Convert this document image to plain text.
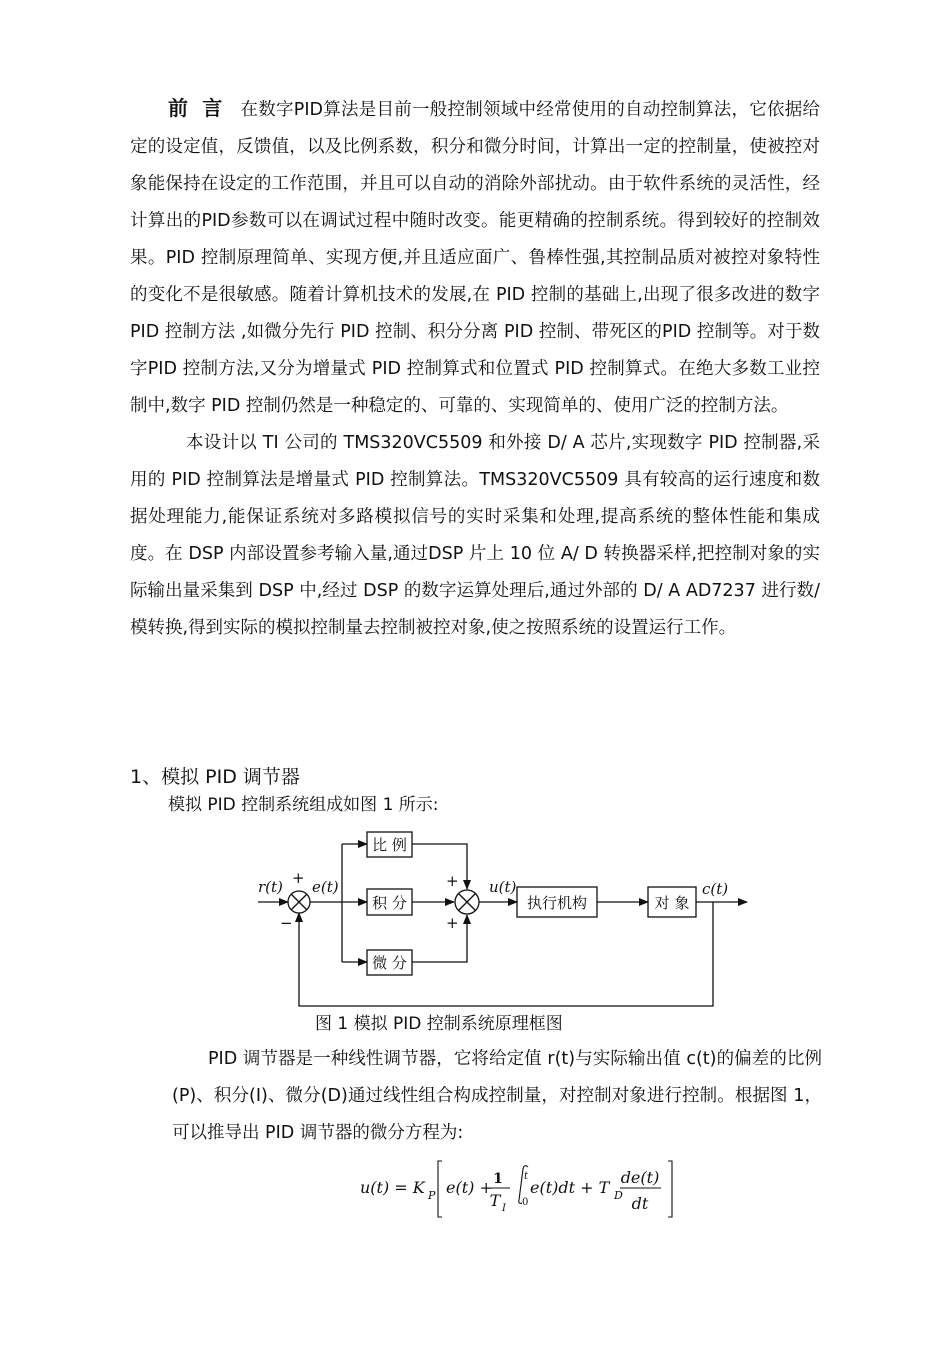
前言 在数字PID算法是目前一般控制领域中经常使用的自动控制算法，它依据给定的设定值，反馈值，以及比例系数，积分和微分时间，计算出一定的控制量，使被控对象能保持在设定的工作范围，并且可以自动的消除外部扰动。由于软件系统的灵活性，经计算出的PID参数可以在调试过程中随时改变。能更精确的控制系统。得到较好的控制效果。PID 控制原理简单、实现方便,并且适应面广、鲁棒性强,其控制品质对被控对象特性的变化不是很敏感。随着计算机技术的发展,在 PID 控制的基础上,出现了很多改进的数字 PID 控制方法 ,如微分先行 PID 控制、积分分离 PID 控制、带死区的PID 控制等。对于数字PID 控制方法,又分为增量式 PID 控制算式和位置式 PID 控制算式。在绝大多数工业控制中,数字 PID 控制仍然是一种稳定的、可靠的、实现简单的、使用广泛的控制方法。

本设计以 TI 公司的 TMS320VC5509 和外接 D/ A 芯片,实现数字 PID 控制器,采用的 PID 控制算法是增量式 PID 控制算法。TMS320VC5509 具有较高的运行速度和数据处理能力,能保证系统对多路模拟信号的实时采集和处理,提高系统的整体性能和集成度。在 DSP 内部设置参考输入量,通过DSP 片上 10 位 A/ D 转换器采样,把控制对象的实际输出量采集到 DSP 中,经过 DSP 的数字运算处理后,通过外部的 D/ A AD7237 进行数/ 模转换,得到实际的模拟控制量去控制被控对象,使之按照系统的设置运行工作。

1、模拟 PID 调节器

模拟 PID 控制系统组成如图 1 所示:

r(t) e(t)	u(t)	c(t)
+
−
+
+
比 例
积 分
微 分
执行机构	对 象

图 1 模拟 PID 控制系统原理框图

PID 调节器是一种线性调节器，它将给定值 r(t)与实际输出值 c(t)的偏差的比例(P)、积分(I)、微分(D)通过线性组合构成控制量，对控制对象进行控制。根据图 1，可以推导出 PID 调节器的微分方程为:

u(t) = K P e(t) + 1
T I
t
0
e(t)dt + T D
de(t)
dt
